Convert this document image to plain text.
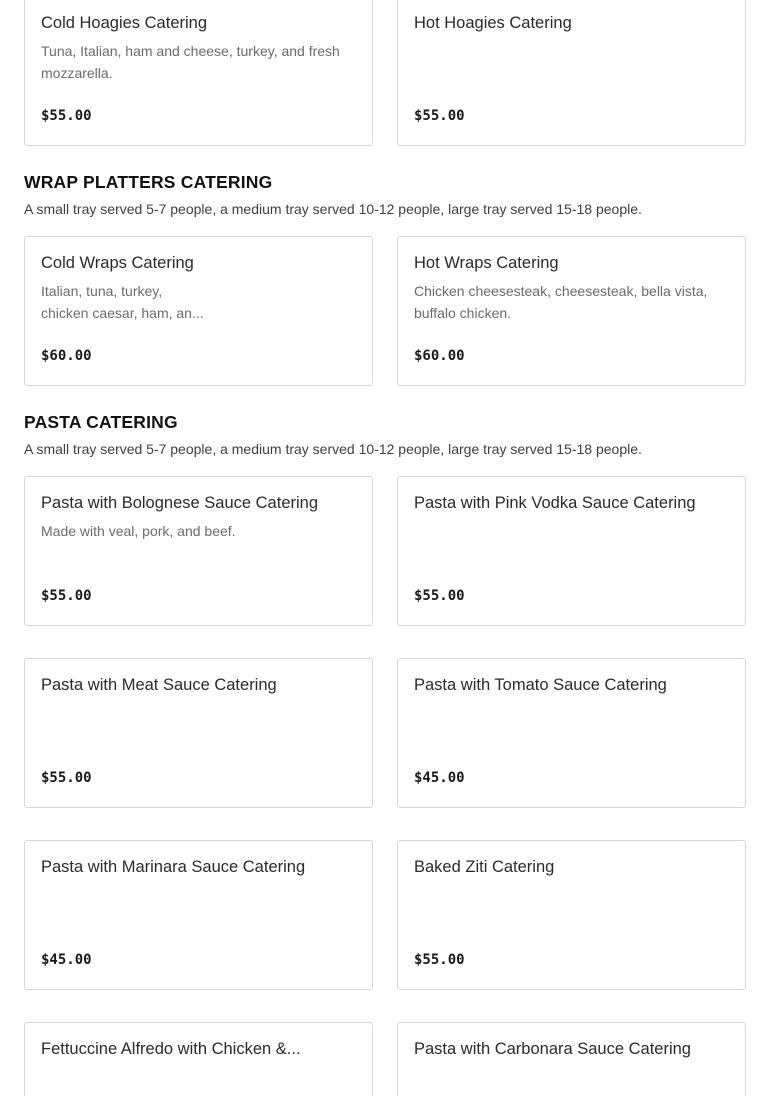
Cold Hoagies Catering
Tuna, Italian, ham and cheese, turkey, and fresh
mozzarella.
$55.00
Hot Hoagies Catering
$55.00
WRAP PLATTERS CATERING
A small tray served 5-7 people, a medium tray served 10-12 people, large tray served 15-18 people.
Cold Wraps Catering
Italian, tuna, turkey,
chicken caesar, ham, an...
$60.00
Hot Wraps Catering
Chicken cheesesteak, cheesesteak, bella vista,
buffalo chicken.
$60.00
PASTA CATERING
A small tray served 5-7 people, a medium tray served 10-12 people, large tray served 15-18 people.
Pasta with Bolognese Sauce Catering
Made with veal, pork, and beef.
$55.00
Pasta with Pink Vodka Sauce Catering
$55.00
Pasta with Meat Sauce Catering
$55.00
Pasta with Tomato Sauce Catering
$45.00
Pasta with Marinara Sauce Catering
$45.00
Baked Ziti Catering
$55.00
Fettuccine Alfredo with Chicken &...	Pasta with Carbonara Sauce Catering
